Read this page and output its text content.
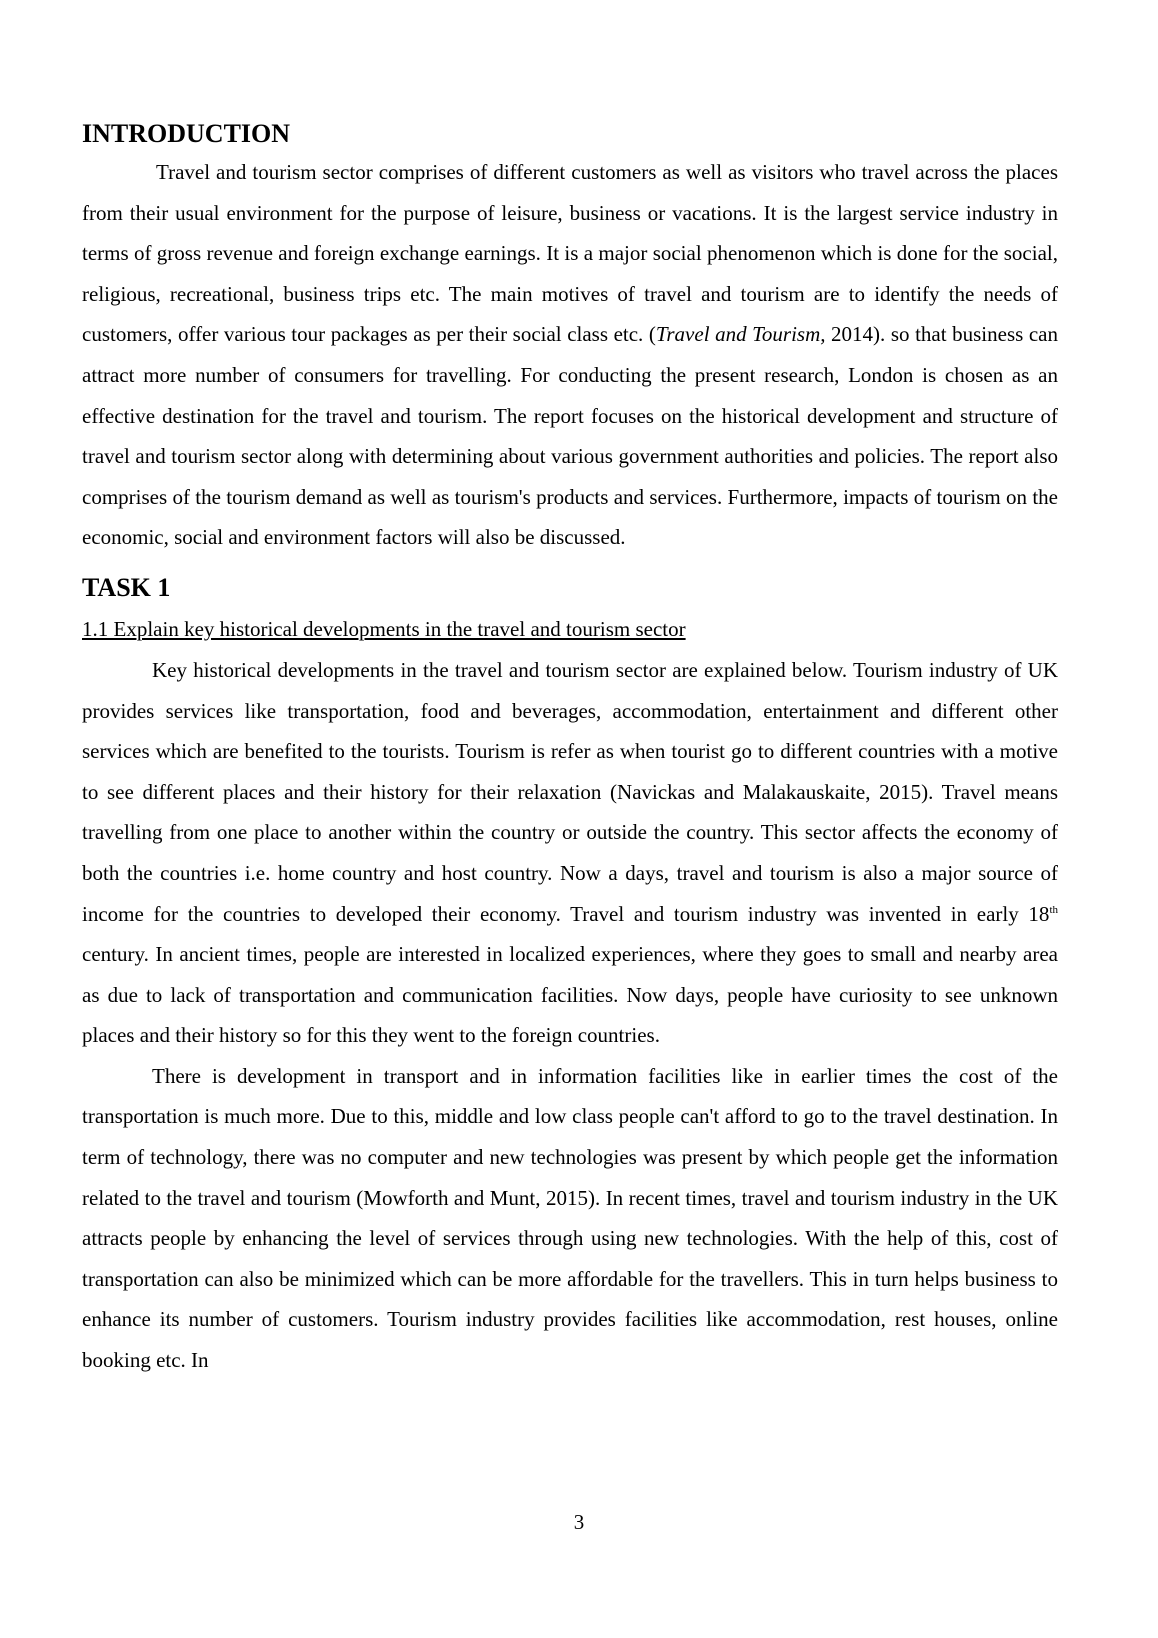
INTRODUCTION

Travel and tourism sector comprises of different customers as well as visitors who travel across the places from their usual environment for the purpose of leisure, business or vacations. It is the largest service industry in terms of gross revenue and foreign exchange earnings. It is a major social phenomenon which is done for the social, religious, recreational, business trips etc. The main motives of travel and tourism are to identify the needs of customers, offer various tour packages as per their social class etc. (Travel and Tourism, 2014). so that business can attract more number of consumers for travelling. For conducting the present research, London is chosen as an effective destination for the travel and tourism. The report focuses on the historical development and structure of travel and tourism sector along with determining about various government authorities and policies. The report also comprises of the tourism demand as well as tourism's products and services. Furthermore, impacts of tourism on the economic, social and environment factors will also be discussed.

TASK 1

1.1 Explain key historical developments in the travel and tourism sector

Key historical developments in the travel and tourism sector are explained below. Tourism industry of UK provides services like transportation, food and beverages, accommodation, entertainment and different other services which are benefited to the tourists. Tourism is refer as when tourist go to different countries with a motive to see different places and their history for their relaxation (Navickas and Malakauskaite, 2015). Travel means travelling from one place to another within the country or outside the country. This sector affects the economy of both the countries i.e. home country and host country. Now a days, travel and tourism is also a major source of income for the countries to developed their economy. Travel and tourism industry was invented in early 18th century. In ancient times, people are interested in localized experiences, where they goes to small and nearby area as due to lack of transportation and communication facilities. Now days, people have curiosity to see unknown places and their history so for this they went to the foreign countries.

There is development in transport and in information facilities like in earlier times the cost of the transportation is much more. Due to this, middle and low class people can't afford to go to the travel destination. In term of technology, there was no computer and new technologies was present by which people get the information related to the travel and tourism (Mowforth and Munt, 2015). In recent times, travel and tourism industry in the UK attracts people by enhancing the level of services through using new technologies. With the help of this, cost of transportation can also be minimized which can be more affordable for the travellers. This in turn helps business to enhance its number of customers. Tourism industry provides facilities like accommodation, rest houses, online booking etc. In

3
